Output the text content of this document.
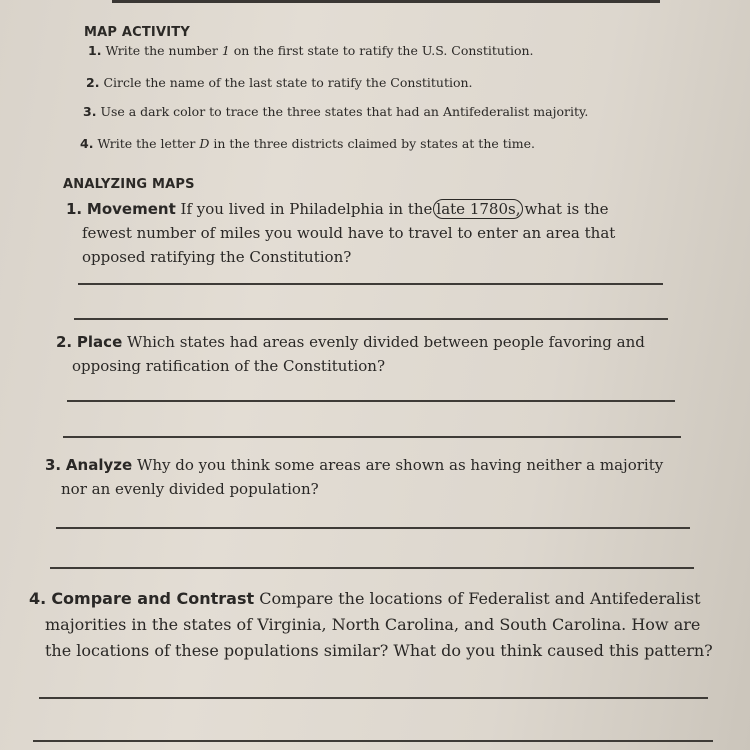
MAP ACTIVITY
1. Write the number 1 on the first state to ratify the U.S. Constitution.
2. Circle the name of the last state to ratify the Constitution.
3. Use a dark color to trace the three states that had an Antifederalist majority.
4. Write the letter D in the three districts claimed by states at the time.
ANALYZING MAPS
1. Movement If you lived in Philadelphia in the late 1780s, what is the fewest number of miles you would have to travel to enter an area that opposed ratifying the Constitution?
2. Place Which states had areas evenly divided between people favoring and opposing ratification of the Constitution?
3. Analyze Why do you think some areas are shown as having neither a majority nor an evenly divided population?
4. Compare and Contrast Compare the locations of Federalist and Antifederalist majorities in the states of Virginia, North Carolina, and South Carolina. How are the locations of these populations similar? What do you think caused this pattern?
